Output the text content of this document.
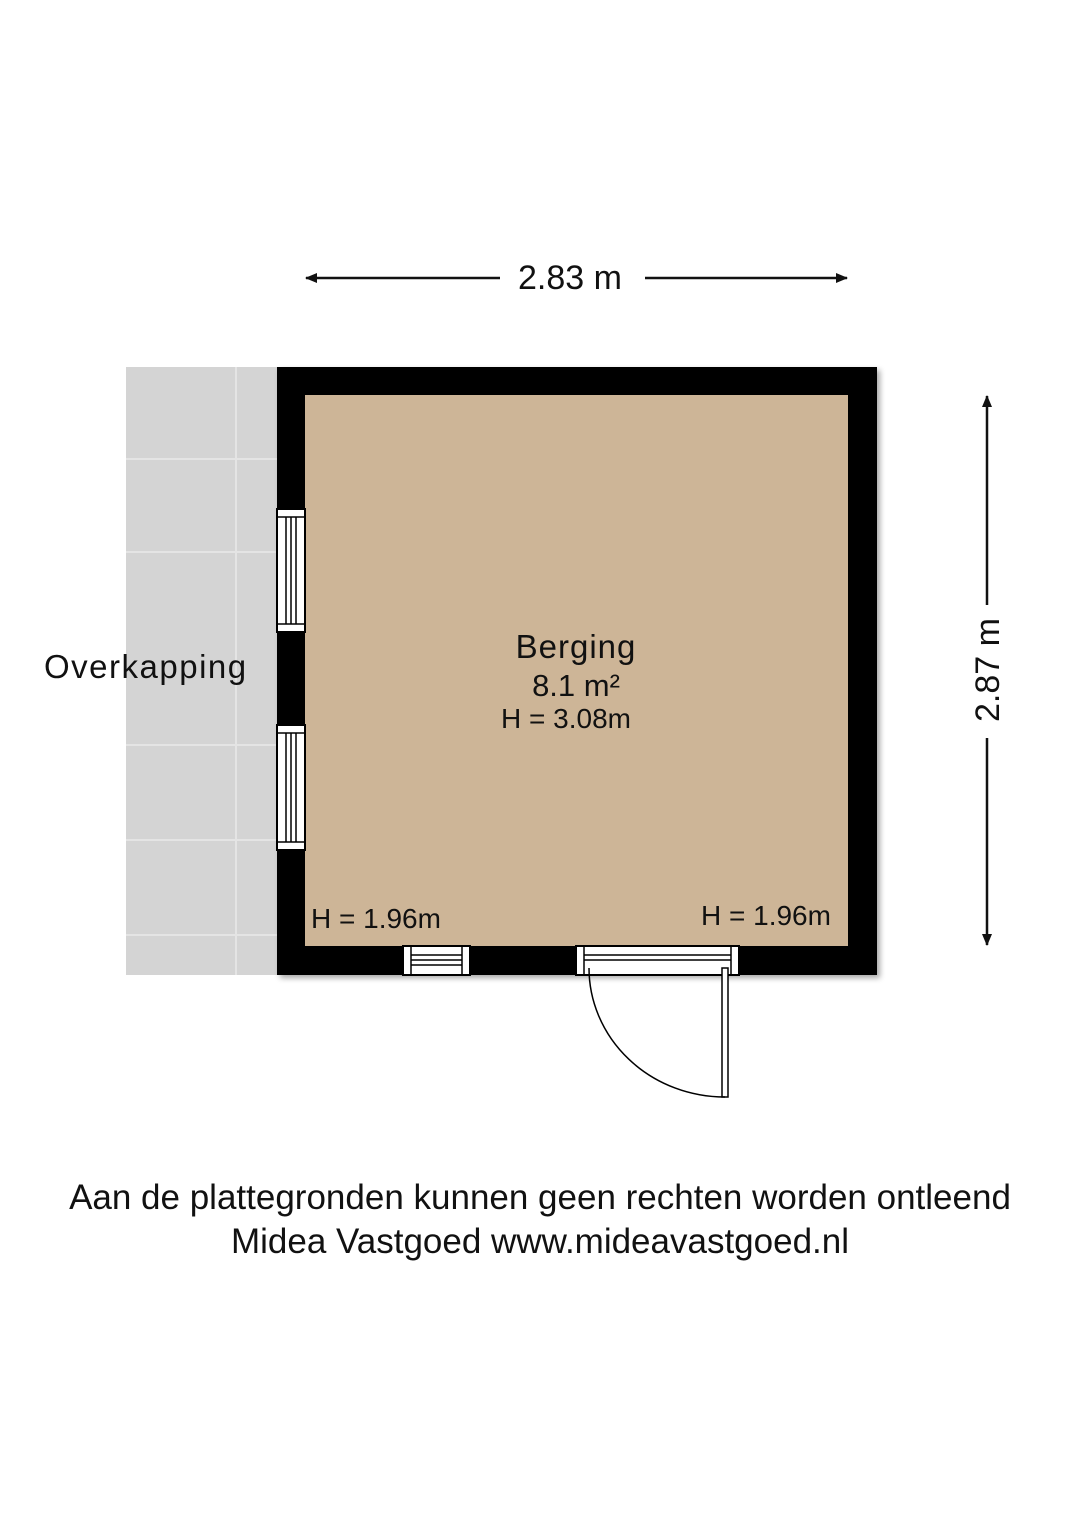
2.83 m
2.87 m
Berging
8.1 m²
H = 3.08m
H = 1.96m	H = 1.96m
Overkapping
Aan de plattegronden kunnen geen rechten worden ontleend
Midea Vastgoed www.mideavastgoed.nl
